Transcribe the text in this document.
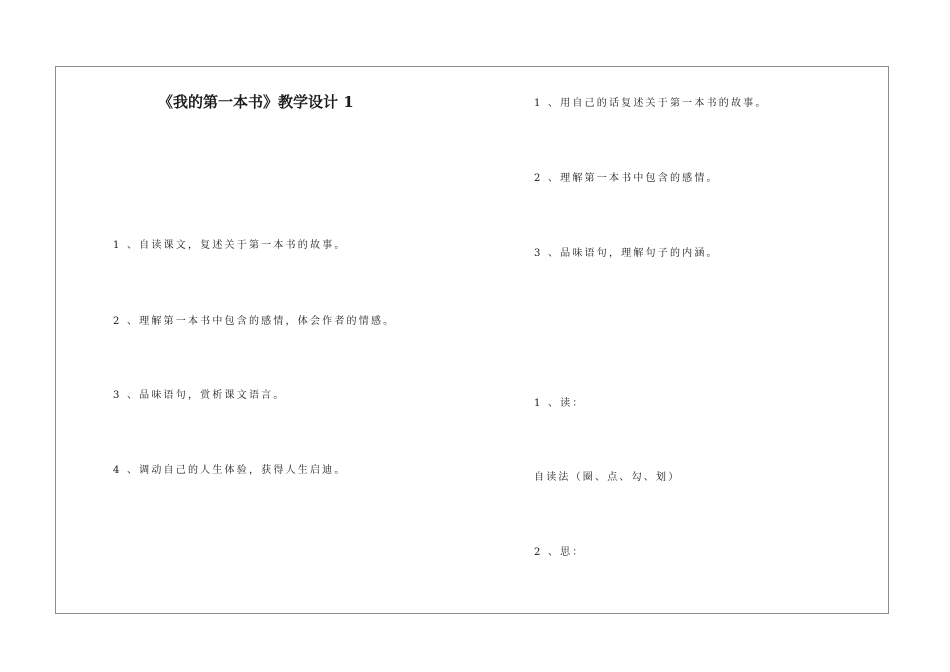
《我的第一本书》教学设计 1
1 、自读课文，复述关于第一本书的故事。
2 、理解第一本书中包含的感情，体会作者的情感。
3 、品味语句，赏析课文语言。
4 、调动自己的人生体验，获得人生启迪。
1 、用自己的话复述关于第一本书的故事。
2 、理解第一本书中包含的感情。
3 、品味语句，理解句子的内涵。
1 、读：
自读法（圈、点、勾、划）
2 、思：
